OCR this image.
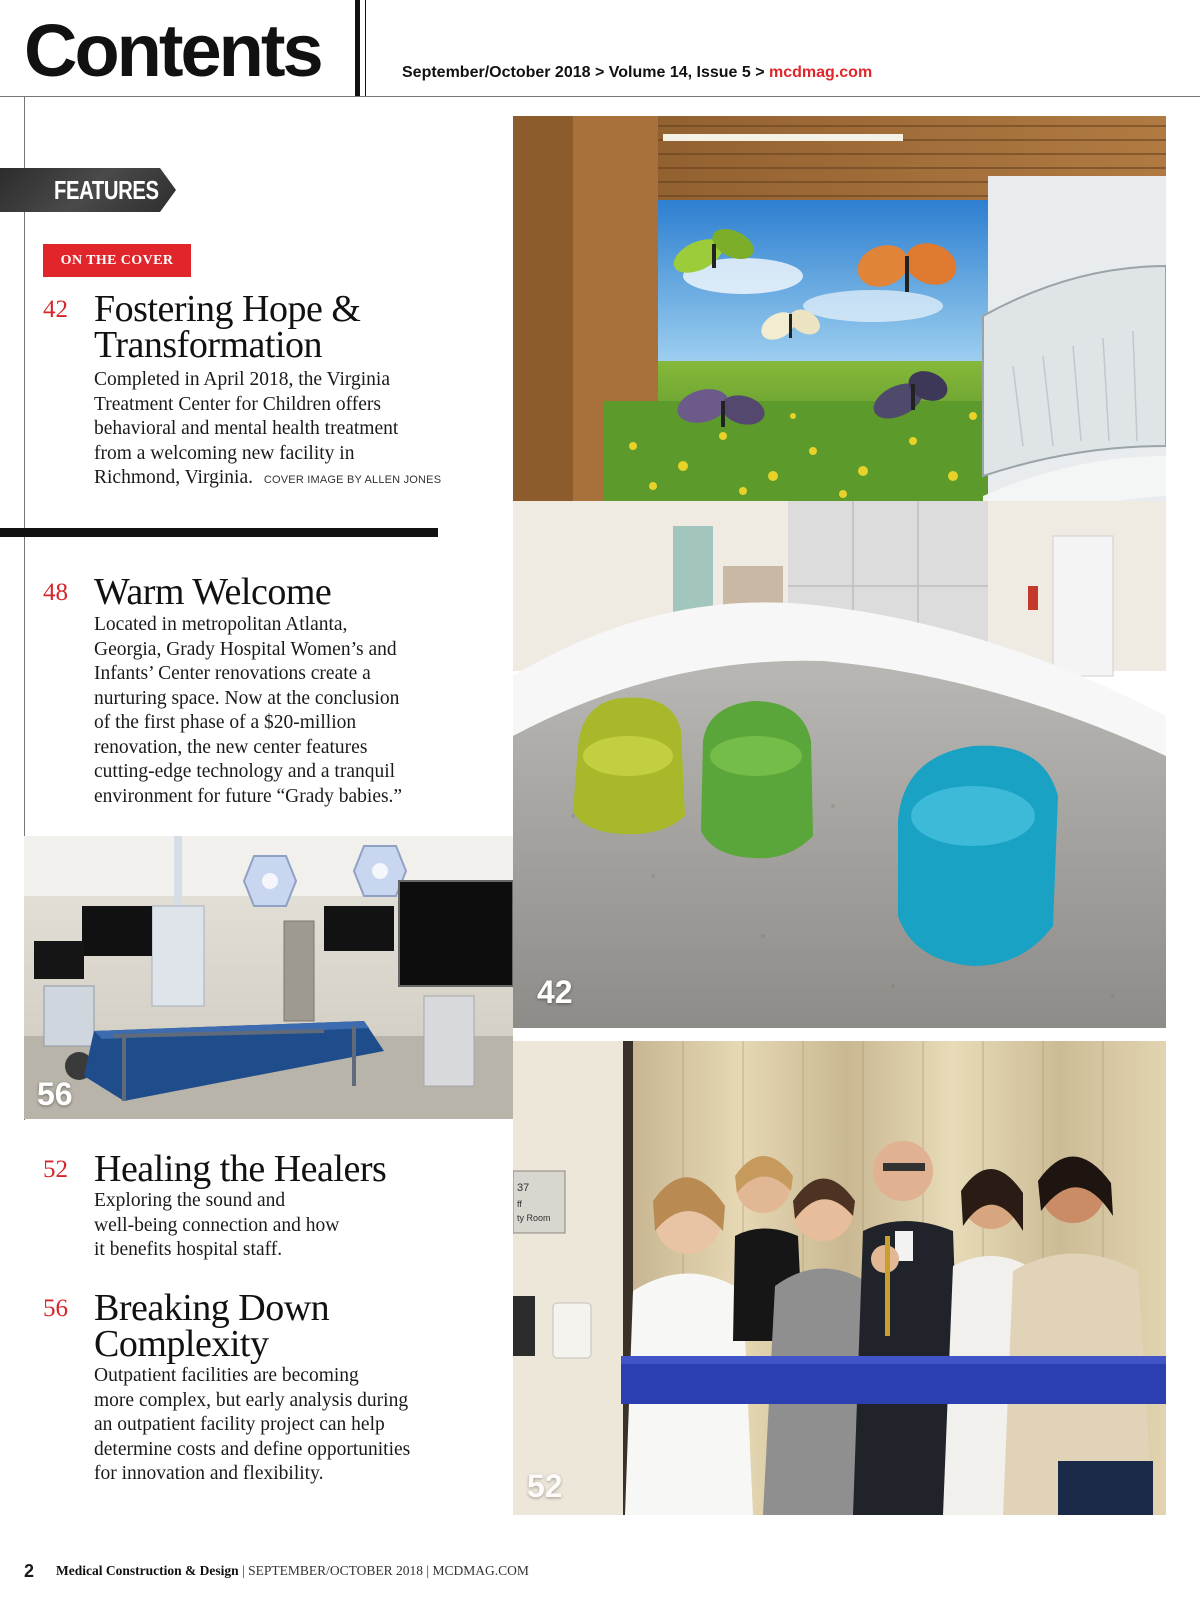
Contents	September/October 2018 > Volume 14, Issue 5 > mcdmag.com
FEATURES
ON THE COVER
42 Fostering Hope &
Transformation
Completed in April 2018, the Virginia
Treatment Center for Children offers
behavioral and mental health treatment
from a welcoming new facility in
Richmond, Virginia. COVER IMAGE BY ALLEN JONES
48 Warm Welcome
Located in metropolitan Atlanta,
Georgia, Grady Hospital Women’s and
Infants’ Center renovations create a
nurturing space. Now at the conclusion
of the first phase of a $20-million
renovation, the new center features
cutting-edge technology and a tranquil
environment for future “Grady babies.”
52 Healing the Healers
Exploring the sound and
well-being connection and how
it benefits hospital staff.
56 Breaking Down
Complexity
Outpatient facilities are becoming
more complex, but early analysis during
an outpatient facility project can help
determine costs and define opportunities
for innovation and flexibility.
42
56
37
ff
ty Room
52
2 Medical Construction & Design | SEPTEMBER/OCTOBER 2018 | MCDMAG.COM
